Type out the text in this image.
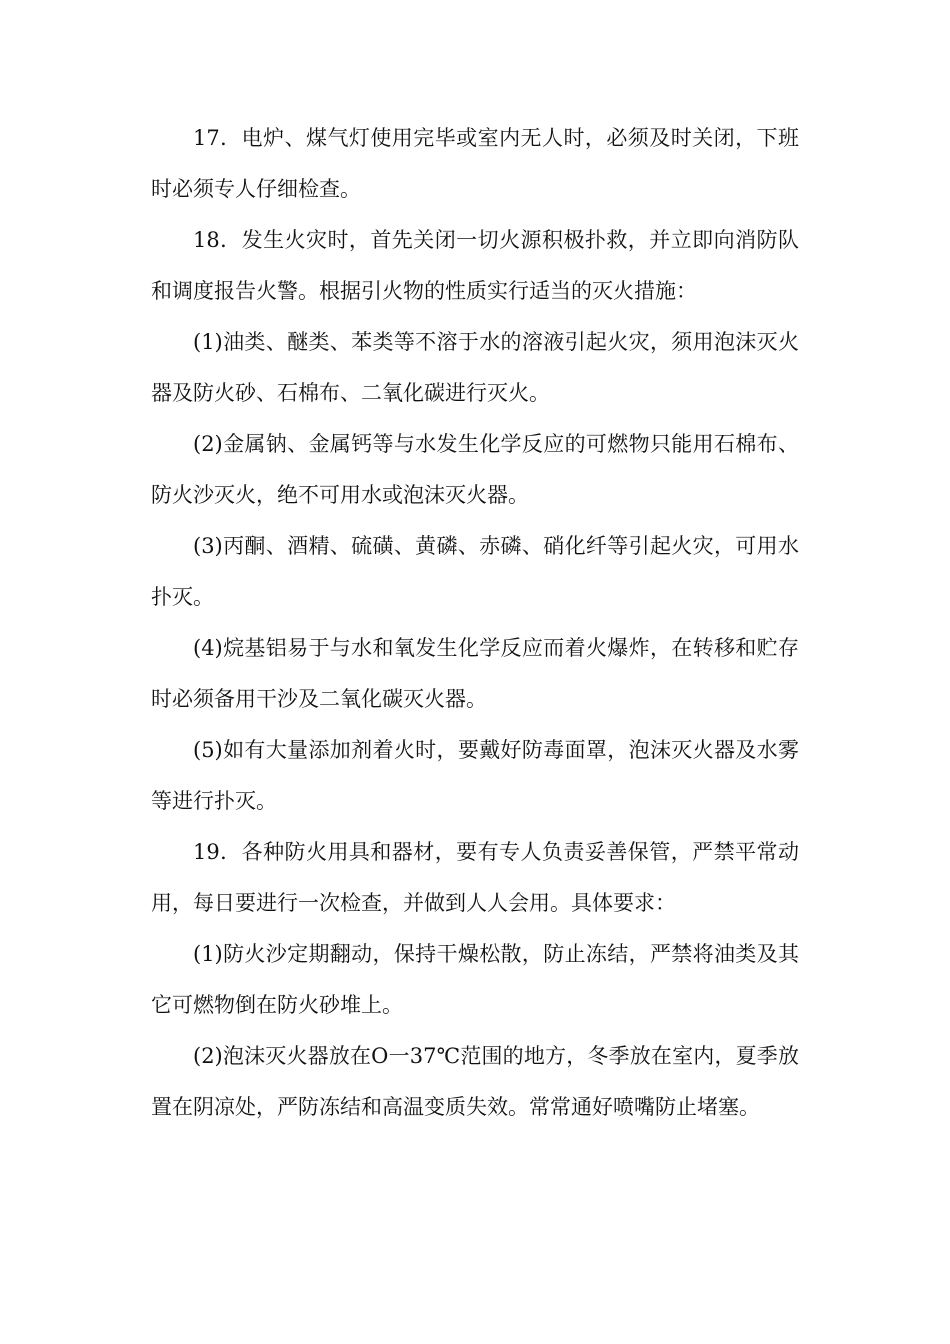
17．电炉、煤气灯使用完毕或室内无人时，必须及时关闭，下班时必须专人仔细检查。

18．发生火灾时，首先关闭一切火源积极扑救，并立即向消防队和调度报告火警。根据引火物的性质实行适当的灭火措施：

(1)油类、醚类、苯类等不溶于水的溶液引起火灾，须用泡沫灭火器及防火砂、石棉布、二氧化碳进行灭火。

(2)金属钠、金属钙等与水发生化学反应的可燃物只能用石棉布、防火沙灭火，绝不可用水或泡沫灭火器。

(3)丙酮、酒精、硫磺、黄磷、赤磷、硝化纤等引起火灾，可用水扑灭。

(4)烷基铝易于与水和氧发生化学反应而着火爆炸，在转移和贮存时必须备用干沙及二氧化碳灭火器。

(5)如有大量添加剂着火时，要戴好防毒面罩，泡沫灭火器及水雾等进行扑灭。

19．各种防火用具和器材，要有专人负责妥善保管，严禁平常动用，每日要进行一次检查，并做到人人会用。具体要求：

(1)防火沙定期翻动，保持干燥松散，防止冻结，严禁将油类及其它可燃物倒在防火砂堆上。

(2)泡沫灭火器放在O一37℃范围的地方，冬季放在室内，夏季放置在阴凉处，严防冻结和高温变质失效。常常通好喷嘴防止堵塞。
